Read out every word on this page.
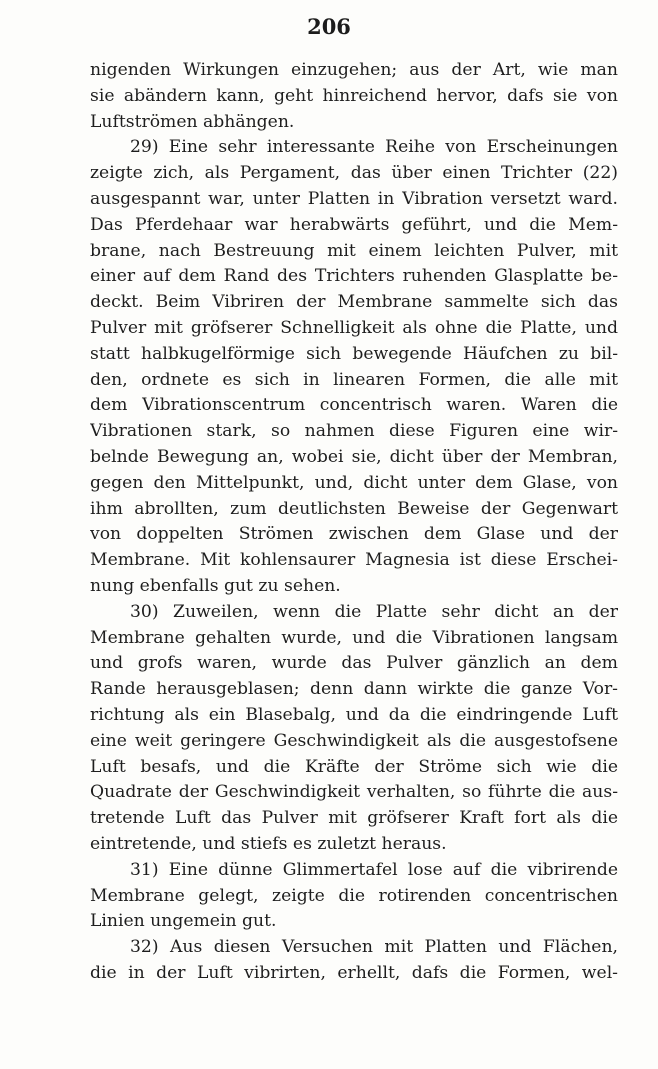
206
nigenden Wirkungen einzugehen; aus der Art, wie man
sie abändern kann, geht hinreichend hervor, dafs sie von
Luftströmen abhängen.
29) Eine sehr interessante Reihe von Erscheinungen
zeigte zich, als Pergament, das über einen Trichter (22)
ausgespannt war, unter Platten in Vibration versetzt ward.
Das Pferdehaar war herabwärts geführt, und die Mem-
brane, nach Bestreuung mit einem leichten Pulver, mit
einer auf dem Rand des Trichters ruhenden Glasplatte be-
deckt. Beim Vibriren der Membrane sammelte sich das
Pulver mit gröfserer Schnelligkeit als ohne die Platte, und
statt halbkugelförmige sich bewegende Häufchen zu bil-
den, ordnete es sich in linearen Formen, die alle mit
dem Vibrationscentrum concentrisch waren. Waren die
Vibrationen stark, so nahmen diese Figuren eine wir-
belnde Bewegung an, wobei sie, dicht über der Membran,
gegen den Mittelpunkt, und, dicht unter dem Glase, von
ihm abrollten, zum deutlichsten Beweise der Gegenwart
von doppelten Strömen zwischen dem Glase und der
Membrane. Mit kohlensaurer Magnesia ist diese Erschei-
nung ebenfalls gut zu sehen.
30) Zuweilen, wenn die Platte sehr dicht an der
Membrane gehalten wurde, und die Vibrationen langsam
und grofs waren, wurde das Pulver gänzlich an dem
Rande herausgeblasen; denn dann wirkte die ganze Vor-
richtung als ein Blasebalg, und da die eindringende Luft
eine weit geringere Geschwindigkeit als die ausgestofsene
Luft besafs, und die Kräfte der Ströme sich wie die
Quadrate der Geschwindigkeit verhalten, so führte die aus-
tretende Luft das Pulver mit gröfserer Kraft fort als die
eintretende, und stiefs es zuletzt heraus.
31) Eine dünne Glimmertafel lose auf die vibrirende
Membrane gelegt, zeigte die rotirenden concentrischen
Linien ungemein gut.
32) Aus diesen Versuchen mit Platten und Flächen,
die in der Luft vibrirten, erhellt, dafs die Formen, wel-
